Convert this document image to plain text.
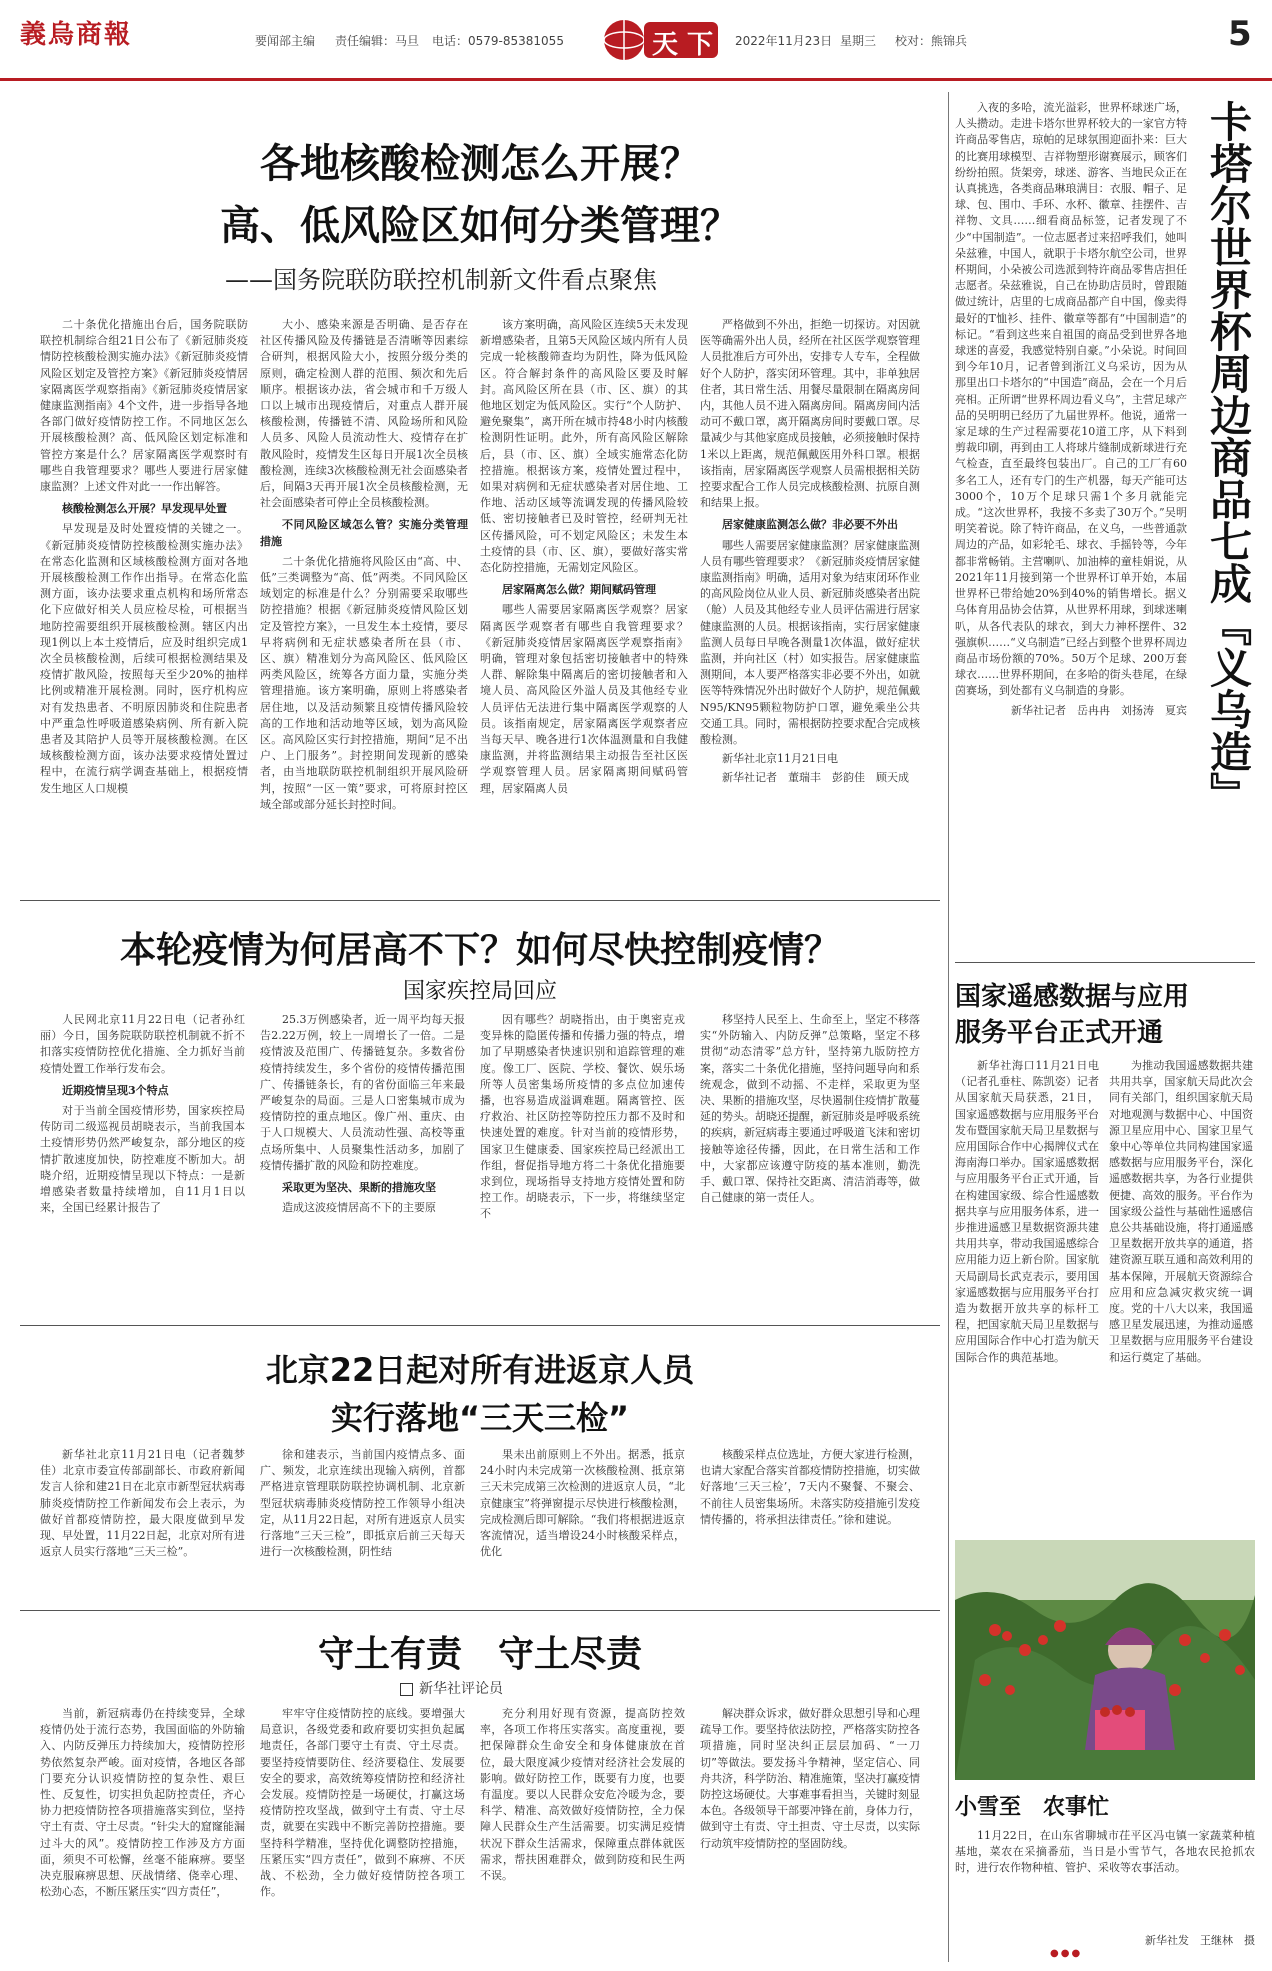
義烏商報	要闻部主编 责任编辑：马旦 电话：0579-85381055	天 下 2022年11月23日 星期三 校对：熊锦兵	5
各地核酸检测怎么开展？
高、低风险区如何分类管理？
——国务院联防联控机制新文件看点聚焦

二十条优化措施出台后，国务院联防联控机制综合组21日公布了《新冠肺炎疫情防控核酸检测实施办法》《新冠肺炎疫情风险区划定及管控方案》《新冠肺炎疫情居家隔离医学观察指南》《新冠肺炎疫情居家健康监测指南》4个文件，进一步指导各地各部门做好疫情防控工作。不同地区怎么开展核酸检测？高、低风险区划定标准和管控方案是什么？居家隔离医学观察时有哪些自我管理要求？哪些人要进行居家健康监测？上述文件对此一一作出解答。

核酸检测怎么开展？早发现早处置

早发现是及时处置疫情的关键之一。《新冠肺炎疫情防控核酸检测实施办法》在常态化监测和区域核酸检测方面对各地开展核酸检测工作作出指导。在常态化监测方面，该办法要求重点机构和场所常态化下应做好相关人员应检尽检，可根据当地防控需要组织开展核酸检测。辖区内出现1例以上本土疫情后，应及时组织完成1次全员核酸检测，后续可根据检测结果及疫情扩散风险，按照每天至少20%的抽样比例或精准开展检测。同时，医疗机构应对有发热患者、不明原因肺炎和住院患者中严重急性呼吸道感染病例、所有新入院患者及其陪护人员等开展核酸检测。在区域核酸检测方面，该办法要求疫情处置过程中，在流行病学调查基础上，根据疫情发生地区人口规模

大小、感染来源是否明确、是否存在社区传播风险及传播链是否清晰等因素综合研判，根据风险大小，按照分级分类的原则，确定检测人群的范围、频次和先后顺序。根据该办法，省会城市和千万级人口以上城市出现疫情后，对重点人群开展核酸检测，传播链不清、风险场所和风险人员多、风险人员流动性大、疫情存在扩散风险时，疫情发生区每日开展1次全员核酸检测，连续3次核酸检测无社会面感染者后，间隔3天再开展1次全员核酸检测，无社会面感染者可停止全员核酸检测。

不同风险区域怎么管？实施分类管理措施

二十条优化措施将风险区由“高、中、低”三类调整为“高、低”两类。不同风险区域划定的标准是什么？分别需要采取哪些防控措施？根据《新冠肺炎疫情风险区划定及管控方案》，一旦发生本土疫情，要尽早将病例和无症状感染者所在县（市、区、旗）精准划分为高风险区、低风险区两类风险区，统筹各方面力量，实施分类管理措施。该方案明确，原则上将感染者居住地，以及活动频繁且疫情传播风险较高的工作地和活动地等区域，划为高风险区。高风险区实行封控措施，期间“足不出户、上门服务”。封控期间发现新的感染者，由当地联防联控机制组织开展风险研判，按照“一区一策”要求，可将原封控区域全部或部分延长封控时间。

该方案明确，高风险区连续5天未发现新增感染者，且第5天风险区域内所有人员完成一轮核酸筛查均为阴性，降为低风险区。符合解封条件的高风险区要及时解封。高风险区所在县（市、区、旗）的其他地区划定为低风险区。实行“个人防护、避免聚集”，离开所在城市持48小时内核酸检测阴性证明。此外，所有高风险区解除后，县（市、区、旗）全域实施常态化防控措施。根据该方案，疫情处置过程中，如果对病例和无症状感染者对居住地、工作地、活动区域等流调发现的传播风险较低、密切接触者已及时管控，经研判无社区传播风险，可不划定风险区；未发生本土疫情的县（市、区、旗），要做好落实常态化防控措施，无需划定风险区。

居家隔离怎么做？期间赋码管理

哪些人需要居家隔离医学观察？居家隔离医学观察者有哪些自我管理要求？《新冠肺炎疫情居家隔离医学观察指南》明确，管理对象包括密切接触者中的特殊人群、解除集中隔离后的密切接触者和入境人员、高风险区外溢人员及其他经专业人员评估无法进行集中隔离医学观察的人员。该指南规定，居家隔离医学观察者应当每天早、晚各进行1次体温测量和自我健康监测，并将监测结果主动报告至社区医学观察管理人员。居家隔离期间赋码管理，居家隔离人员

严格做到不外出，拒绝一切探访。对因就医等确需外出人员，经所在社区医学观察管理人员批准后方可外出，安排专人专车，全程做好个人防护，落实闭环管理。其中，非单独居住者，其日常生活、用餐尽量限制在隔离房间内，其他人员不进入隔离房间。隔离房间内活动可不戴口罩，离开隔离房间时要戴口罩。尽量减少与其他家庭成员接触，必须接触时保持1米以上距离，规范佩戴医用外科口罩。根据该指南，居家隔离医学观察人员需根据相关防控要求配合工作人员完成核酸检测、抗原自测和结果上报。

居家健康监测怎么做？非必要不外出

哪些人需要居家健康监测？居家健康监测人员有哪些管理要求？《新冠肺炎疫情居家健康监测指南》明确，适用对象为结束闭环作业的高风险岗位从业人员、新冠肺炎感染者出院（舱）人员及其他经专业人员评估需进行居家健康监测的人员。根据该指南，实行居家健康监测人员每日早晚各测量1次体温，做好症状监测，并向社区（村）如实报告。居家健康监测期间，本人要严格落实非必要不外出，如就医等特殊情况外出时做好个人防护，规范佩戴N95/KN95颗粒物防护口罩，避免乘坐公共交通工具。同时，需根据防控要求配合完成核酸检测。

新华社北京11月21日电

新华社记者　董瑞丰　彭韵佳　顾天成

本轮疫情为何居高不下？如何尽快控制疫情？
国家疾控局回应

人民网北京11月22日电（记者孙红丽）今日，国务院联防联控机制就不折不扣落实疫情防控优化措施、全力抓好当前疫情处置工作举行发布会。

近期疫情呈现3个特点

对于当前全国疫情形势，国家疾控局传防司二级巡视员胡晓表示，当前我国本土疫情形势仍然严峻复杂，部分地区的疫情扩散速度加快，防控难度不断加大。胡晓介绍，近期疫情呈现以下特点：一是新增感染者数量持续增加，自11月1日以来，全国已经累计报告了

25.3万例感染者，近一周平均每天报告2.22万例，较上一周增长了一倍。二是疫情波及范围广、传播链复杂。多数省份疫情持续发生，多个省份的疫情传播范围广、传播链条长，有的省份面临三年来最严峻复杂的局面。三是人口密集城市成为疫情防控的重点地区。像广州、重庆、由于人口规模大、人员流动性强、高校等重点场所集中、人员聚集性活动多，加剧了疫情传播扩散的风险和防控难度。

采取更为坚决、果断的措施攻坚

造成这波疫情居高不下的主要原

因有哪些？胡晓指出，由于奥密克戎变异株的隐匿传播和传播力强的特点，增加了早期感染者快速识别和追踪管理的难度。像工厂、医院、学校、餐饮、娱乐场所等人员密集场所疫情的多点位加速传播，也容易造成溢调难题。隔离管控、医疗救治、社区防控等防控压力都不及时和快速处置的难度。针对当前的疫情形势，国家卫生健康委、国家疾控局已经派出工作组，督促指导地方将二十条优化措施要求到位，现场指导支持地方疫情处置和防控工作。胡晓表示，下一步，将继续坚定不

移坚持人民至上、生命至上，坚定不移落实“外防输入、内防反弹”总策略，坚定不移贯彻“动态清零”总方针，坚持第九版防控方案，落实二十条优化措施，坚持问题导向和系统观念，做到不动摇、不走样，采取更为坚决、果断的措施攻坚，尽快遏制住疫情扩散蔓延的势头。胡晓还提醒，新冠肺炎是呼吸系统的疾病，新冠病毒主要通过呼吸道飞沫和密切接触等途径传播，因此，在日常生活和工作中，大家都应该遵守防疫的基本准则，勤洗手、戴口罩、保持社交距离、清洁消毒等，做自己健康的第一责任人。

北京22日起对所有进返京人员
实行落地“三天三检”

新华社北京11月21日电（记者魏梦佳）北京市委宣传部副部长、市政府新闻发言人徐和建21日在北京市新型冠状病毒肺炎疫情防控工作新闻发布会上表示，为做好首都疫情防控，最大限度做到早发现、早处置，11月22日起，北京对所有进返京人员实行落地“三天三检”。

徐和建表示，当前国内疫情点多、面广、频发，北京连续出现输入病例，首都严格进京管理联防联控协调机制、北京新型冠状病毒肺炎疫情防控工作领导小组决定，从11月22日起，对所有进返京人员实行落地“三天三检”，即抵京后前三天每天进行一次核酸检测，阴性结

果未出前原则上不外出。据悉，抵京24小时内未完成第一次核酸检测、抵京第三天未完成第三次检测的进返京人员，“北京健康宝”将弹窗提示尽快进行核酸检测，完成检测后即可解除。“我们将根据进返京客流情况，适当增设24小时核酸采样点，优化

核酸采样点位选址，方便大家进行检测，也请大家配合落实首都疫情防控措施，切实做好落地‘三天三检’，7天内不聚餐、不聚会、不前往人员密集场所。未落实防疫措施引发疫情传播的，将承担法律责任。”徐和建说。

守土有责　守土尽责
新华社评论员

当前，新冠病毒仍在持续变异，全球疫情仍处于流行态势，我国面临的外防输入、内防反弹压力持续加大，疫情防控形势依然复杂严峻。面对疫情，各地区各部门要充分认识疫情防控的复杂性、艰巨性、反复性，切实担负起防控责任，齐心协力把疫情防控各项措施落实到位，坚持守土有责、守土尽责。“针尖大的窟窿能漏过斗大的风”。疫情防控工作涉及方方面面，须臾不可松懈，丝毫不能麻痹。要坚决克服麻痹思想、厌战情绪、侥幸心理、松劲心态，不断压紧压实“四方责任”，

牢牢守住疫情防控的底线。要增强大局意识，各级党委和政府要切实担负起属地责任，各部门要守土有责、守土尽责。要坚持疫情要防住、经济要稳住、发展要安全的要求，高效统筹疫情防控和经济社会发展。疫情防控是一场硬仗，打赢这场疫情防控攻坚战，做到守土有责、守土尽责，就要在实践中不断完善防控措施。要坚持科学精准，坚持优化调整防控措施，压紧压实“四方责任”，做到不麻痹、不厌战、不松劲，全力做好疫情防控各项工作。

充分利用好现有资源，提高防控效率，各项工作将压实落实。高度重视，要把保障群众生命安全和身体健康放在首位，最大限度减少疫情对经济社会发展的影响。做好防控工作，既要有力度，也要有温度。要以人民群众安危冷暖为念，要科学、精准、高效做好疫情防控，全力保障人民群众生产生活需要。切实满足疫情状况下群众生活需求，保障重点群体就医需求，帮扶困难群众，做到防疫和民生两不误。

解决群众诉求，做好群众思想引导和心理疏导工作。要坚持依法防控，严格落实防控各项措施，同时坚决纠正层层加码、“一刀切”等做法。要发扬斗争精神，坚定信心、同舟共济，科学防治、精准施策，坚决打赢疫情防控这场硬仗。大事难事看担当，关键时刻显本色。各级领导干部要冲锋在前，身体力行，做到守土有责、守土担责、守土尽责，以实际行动筑牢疫情防控的坚固防线。

入夜的多哈，流光溢彩，世界杯球迷广场，人头攒动。走进卡塔尔世界杯较大的一家官方特许商品零售店，琼帕的足球氛围迎面扑来：巨大的比赛用球模型、吉祥物塑形谢赛展示，顾客们纷纷拍照。货架旁，球迷、游客、当地民众正在认真挑选，各类商品琳琅满目：衣服、帽子、足球、包、围巾、手环、水杯、徽章、挂摆件、吉祥物、文具……细看商品标签，记者发现了不少“中国制造”。一位志愿者过来招呼我们，她叫朵兹雅，中国人，就职于卡塔尔航空公司，世界杯期间，小朵被公司选派到特许商品零售店担任志愿者。朵兹雅说，自己在协助店员时，曾跟随做过统计，店里的七成商品都产自中国，像卖得最好的T恤衫、挂件、徽章等都有“中国制造”的标记。“看到这些来自祖国的商品受到世界各地球迷的喜爱，我感觉特别自豪。”小朵说。时间回到今年10月，记者曾到浙江义乌采访，因为从那里出口卡塔尔的“中国造”商品，会在一个月后亮相。正所谓“世界杯周边看义乌”，主营足球产品的吴明明已经历了九届世界杯。他说，通常一家足球的生产过程需要花10道工序，从下料到剪裁印刷，再到由工人将球片缝制成新球进行充气检查，直至最终包装出厂。自己的工厂有60多名工人，还有专门的生产机器，每天产能可达3000个，10万个足球只需1个多月就能完成。“这次世界杯，我接不多卖了30万个。”吴明明笑着说。除了特许商品，在义乌，一些普通款周边的产品，如彩轮毛、球衣、手摇铃等，今年都非常畅销。主营喇叭、加油棒的童桂娟说，从2021年11月接到第一个世界杯订单开始，本届世界杯已带给她20%到40%的销售增长。据义乌体育用品协会估算，从世界杯用球，到球迷喇叭，从各代表队的球衣，到大力神杯摆件、32强旗帜……“义乌制造”已经占到整个世界杯周边商品市场份额的70%。50万个足球、200万套球衣……世界杯期间，在多哈的街头巷尾，在绿茵赛场，到处都有义乌制造的身影。

新华社记者　岳冉冉　刘扬涛　夏宾 卡塔尔世界杯周边商品七成『义乌造』
国家遥感数据与应用
服务平台正式开通

新华社海口11月21日电（记者孔垂柱、陈凯姿）记者从国家航天局获悉，21日，国家遥感数据与应用服务平台发布暨国家航天局卫星数据与应用国际合作中心揭牌仪式在海南海口举办。国家遥感数据与应用服务平台正式开通，旨在构建国家级、综合性遥感数据共享与应用服务体系，进一步推进遥感卫星数据资源共建共用共享，带动我国遥感综合应用能力迈上新台阶。国家航天局副局长武克表示，要用国家遥感数据与应用服务平台打造为数据开放共享的标杆工程，把国家航天局卫星数据与应用国际合作中心打造为航天国际合作的典范基地。

为推动我国遥感数据共建共用共享，国家航天局此次会同有关部门，组织国家航天局对地观测与数据中心、中国资源卫星应用中心、国家卫星气象中心等单位共同构建国家遥感数据与应用服务平台，深化遥感数据共享，为各行业提供便捷、高效的服务。平台作为国家级公益性与基础性遥感信息公共基础设施，将打通遥感卫星数据开放共享的通道，搭建资源互联互通和高效利用的基本保障，开展航天资源综合应用和应急减灾救灾统一调度。党的十八大以来，我国遥感卫星发展迅速，为推动遥感卫星数据与应用服务平台建设和运行奠定了基础。

小雪至　农事忙

11月22日，在山东省聊城市茌平区冯屯镇一家蔬菜种植基地，菜农在采摘番茄，当日是小雪节气，各地农民抢抓农时，进行农作物种植、管护、采收等农事活动。

新华社发　王继林　摄
●●●
